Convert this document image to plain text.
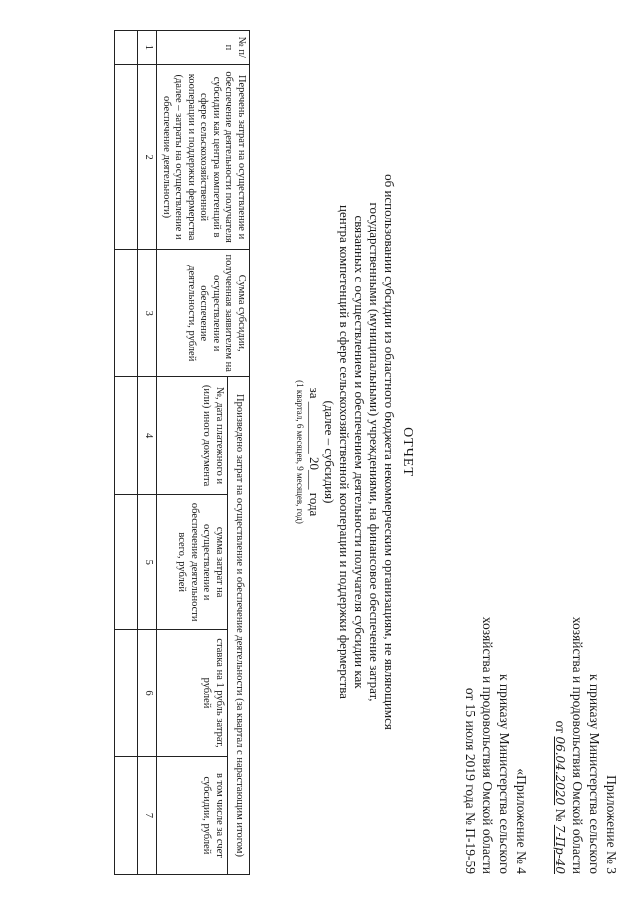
Приложение № 3
к приказу Министерства сельского
хозяйства и продовольствия Омской области
от 06.04.2020 № 7-Пр-40
«Приложение № 4
к приказу Министерства сельского
хозяйства и продовольствия Омской области
от 15 июля 2019 года № П-19-59
ОТЧЕТ
об использовании субсидии из областного бюджета некоммерческим организациям, не являющимся
государственными (муниципальными) учреждениями, на финансовое обеспечение затрат,
связанных с осуществлением и обеспечением деятельности получателя субсидии как
центра компетенций в сфере сельскохозяйственной кооперации и поддержки фермерства
(далее – субсидия)
за ________ 20___ года
(1 квартал, 6 месяцев, 9 месяцев, год)
№ п/п	Перечень затрат на осуществление и обеспечение деятельности получателя субсидии как центра компетенций в сфере сельскохозяйственной кооперации и поддержки фермерства (далее – затраты на осуществление и обеспечение деятельности)	Сумма субсидии, полученная заявителем на осуществление и обеспечение деятельности, рублей	Произведено затрат на осуществление и обеспечение деятельности (за квартал с нарастающим итогом)			
			№, дата платежного и (или) иного документа	сумма затрат на осуществление и обеспечение деятельности всего, рублей	ставка на 1 рубль затрат, рублей	в том числе за счет субсидии, рублей
1	2	3	4	5	6	7
